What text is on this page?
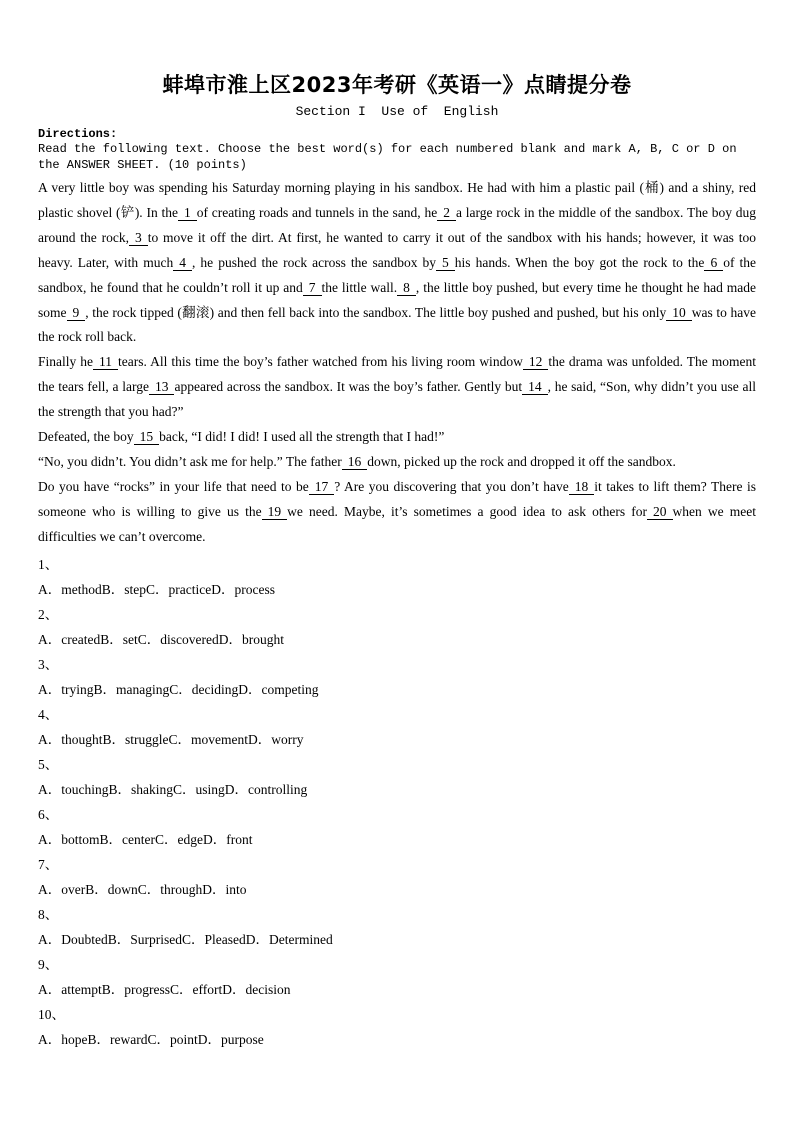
蚌埠市淮上区2023年考研《英语一》点睛提分卷
Section I  Use of  English
Directions:
Read the following text. Choose the best word(s) for each numbered blank and mark A, B, C or D on the ANSWER SHEET. (10 points)
A very little boy was spending his Saturday morning playing in his sandbox. He had with him a plastic pail (桶) and a shiny, red plastic shovel (铲). In the 1 of creating roads and tunnels in the sand, he 2 a large rock in the middle of the sandbox. The boy dug around the rock, 3 to move it off the dirt. At first, he wanted to carry it out of the sandbox with his hands; however, it was too heavy. Later, with much 4 , he pushed the rock across the sandbox by 5 his hands. When the boy got the rock to the 6 of the sandbox, he found that he couldn’t roll it up and 7 the little wall. 8 , the little boy pushed, but every time he thought he had made some 9 , the rock tipped (翻滚) and then fell back into the sandbox. The little boy pushed and pushed, but his only 10 was to have the rock roll back.
Finally he 11 tears. All this time the boy’s father watched from his living room window 12 the drama was unfolded. The moment the tears fell, a large 13 appeared across the sandbox. It was the boy’s father. Gently but 14 , he said, “Son, why didn’t you use all the strength that you had?”
Defeated, the boy 15 back, “I did! I did! I used all the strength that I had!”
“No, you didn’t. You didn’t ask me for help.” The father 16 down, picked up the rock and dropped it off the sandbox.
Do you have “rocks” in your life that need to be 17 ? Are you discovering that you don’t have 18 it takes to lift them? There is someone who is willing to give us the 19 we need. Maybe, it’s sometimes a good idea to ask others for 20 when we meet difficulties we can’t overcome.
1、
A．methodB．stepC．practiceD．process
2、
A．createdB．setC．discoveredD．brought
3、
A．tryingB．managingC．decidingD．competing
4、
A．thoughtB．struggleC．movementD．worry
5、
A．touchingB．shakingC．usingD．controlling
6、
A．bottomB．centerC．edgeD．front
7、
A．overB．downC．throughD．into
8、
A．DoubtedB．SurprisedC．PleasedD．Determined
9、
A．attemptB．progressC．effortD．decision
10、
A．hopeB．rewardC．pointD．purpose
